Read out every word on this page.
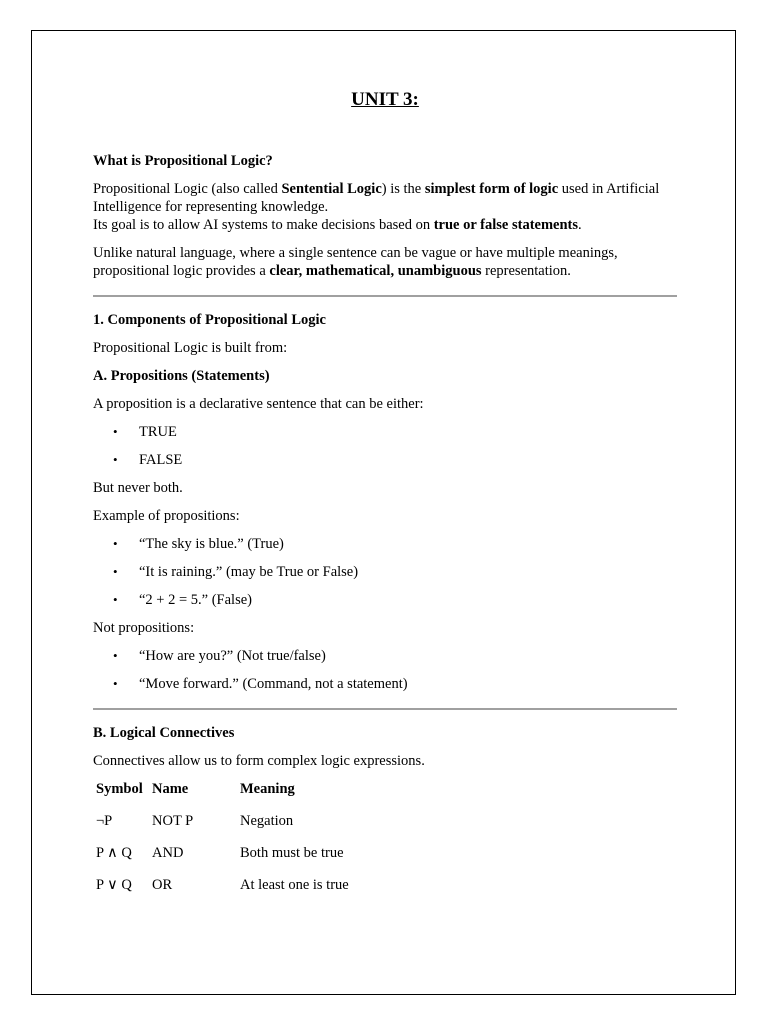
UNIT 3:
What is Propositional Logic?

Propositional Logic (also called Sentential Logic) is the simplest form of logic used in Artificial Intelligence for representing knowledge.
Its goal is to allow AI systems to make decisions based on true or false statements.

Unlike natural language, where a single sentence can be vague or have multiple meanings, propositional logic provides a clear, mathematical, unambiguous representation.

1. Components of Propositional Logic

Propositional Logic is built from:

A. Propositions (Statements)

A proposition is a declarative sentence that can be either:

• TRUE
• FALSE

But never both.

Example of propositions:

• “The sky is blue.” (True)
• “It is raining.” (may be True or False)
• “2 + 2 = 5.” (False)

Not propositions:

• “How are you?” (Not true/false)
• “Move forward.” (Command, not a statement)
B. Logical Connectives

Connectives allow us to form complex logic expressions.

Symbol	Name	Meaning
¬P	NOT P	Negation
P ∧ Q	AND	Both must be true
P ∨ Q	OR	At least one is true
